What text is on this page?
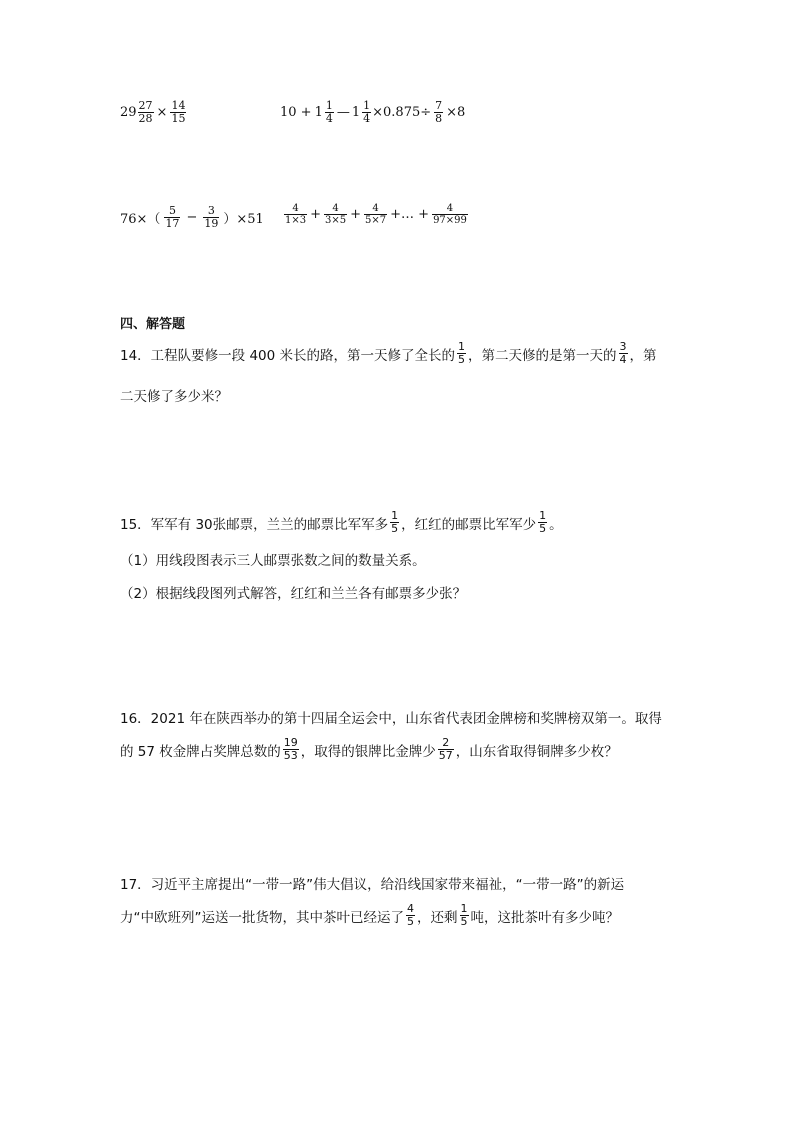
$29 \frac{27}{28} \times \frac{14}{15}$	$10 + 1 \frac{1}{4}$ — $1 \frac{1}{4} \times 0.875\div \frac{7}{8} \times 8$
$76\times( \frac{5}{17} - \frac{3}{19} )\times 51 \frac{4}{1\times 3} + \frac{4}{3\times 5} + \frac{4}{5\times 7}$ +… + $\frac{4}{97\times 99}$
四、解答题
14．工程队要修一段 400 米长的路，第一天修了全长的 $\frac{1}{5}$ ，第二天修的是第一天的 $\frac{3}{4}$ ，第
二天修了多少米？
15．军军有 30张邮票，兰兰的邮票比军军多 $\frac{1}{5}$ ，红红的邮票比军军少 $\frac{1}{5}$ 。
（1）用线段图表示三人邮票张数之间的数量关系。
（2）根据线段图列式解答，红红和兰兰各有邮票多少张？
16．2021 年在陕西举办的第十四届全运会中，山东省代表团金牌榜和奖牌榜双第一。取得
的 57 枚金牌占奖牌总数的 $\frac{19}{53}$ ，取得的银牌比金牌少 $\frac{2}{57}$ ，山东省取得铜牌多少枚？
17．习近平主席提出“一带一路”伟大倡议，给沿线国家带来福祉，“一带一路”的新运
力“中欧班列”运送一批货物，其中茶叶已经运了 $\frac{4}{5}$ ，还剩 $\frac{1}{5}$ 吨，这批茶叶有多少吨？
